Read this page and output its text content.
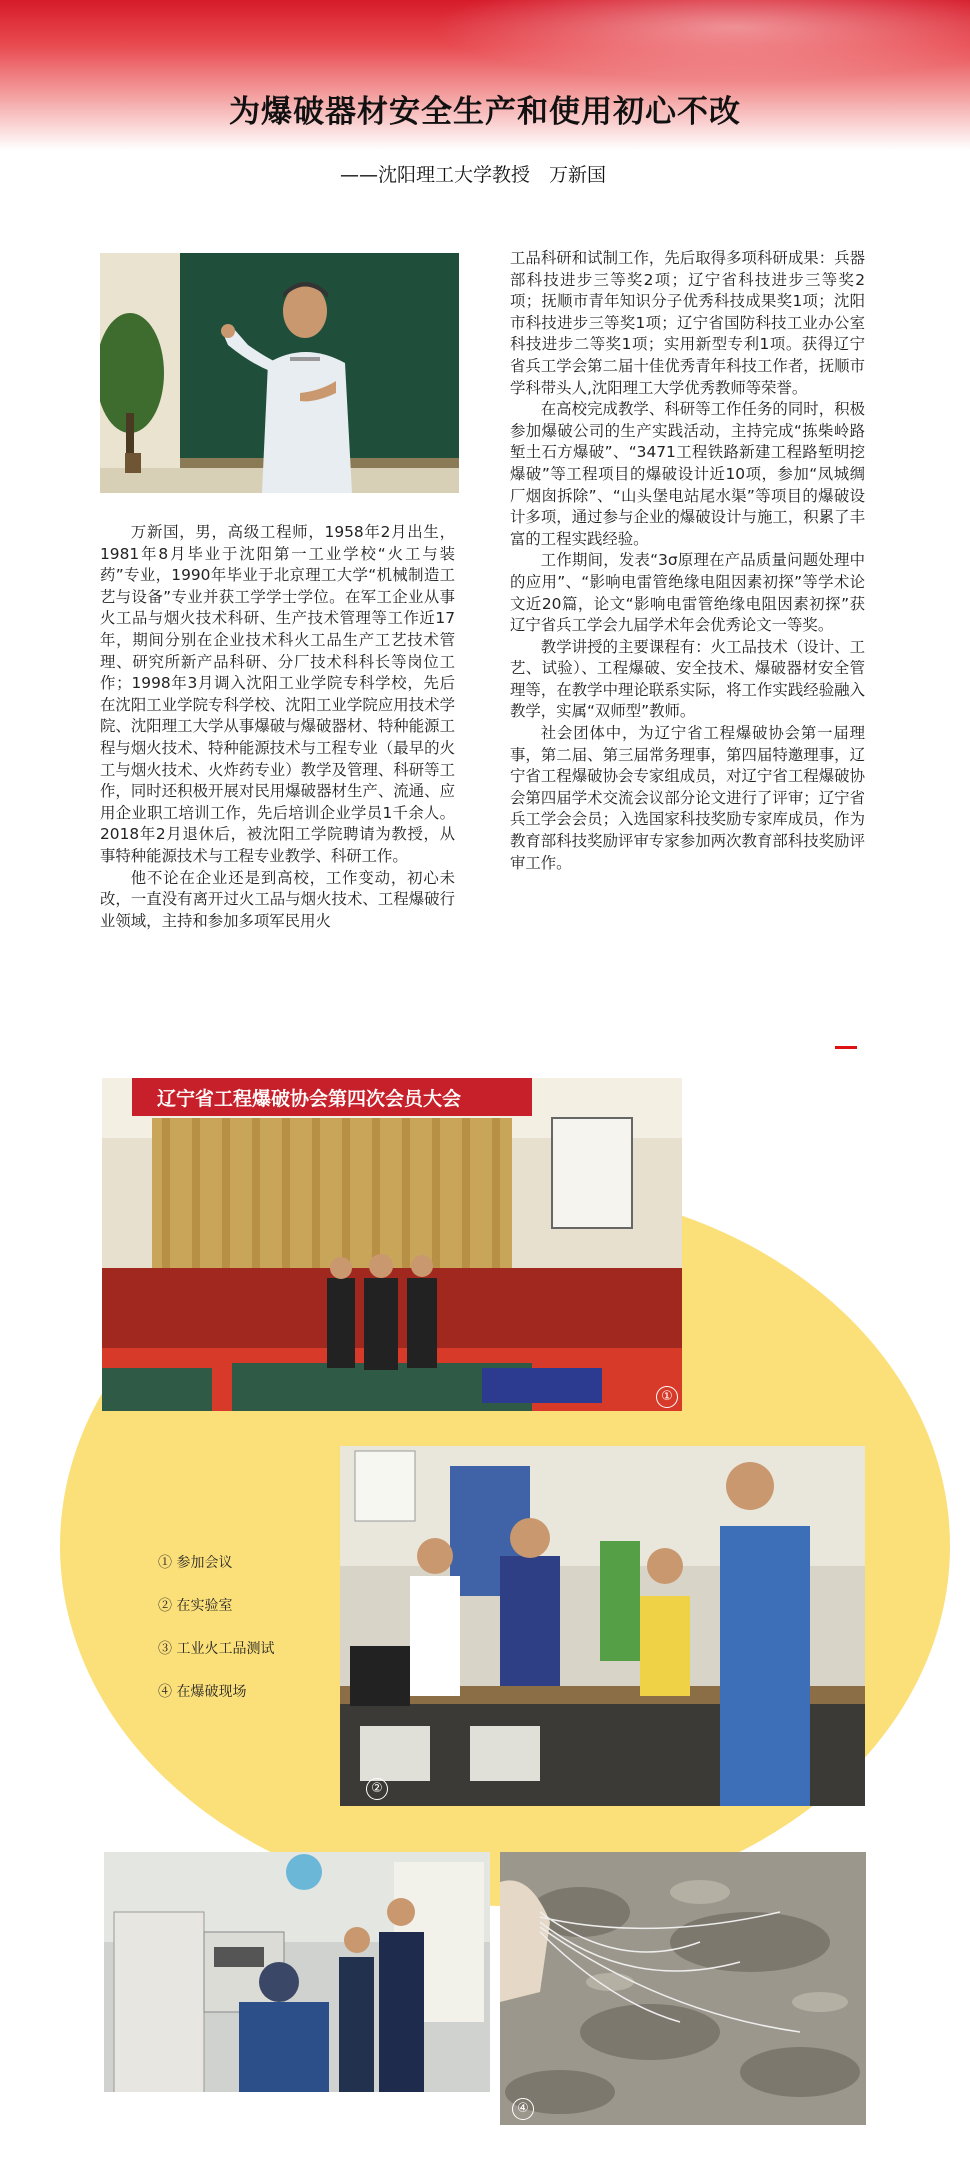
为爆破器材安全生产和使用初心不改
——沈阳理工大学教授　万新国

万新国，男，高级工程师，1958年2月出生，1981年8月毕业于沈阳第一工业学校“火工与装药”专业，1990年毕业于北京理工大学“机械制造工艺与设备”专业并获工学学士学位。在军工企业从事火工品与烟火技术科研、生产技术管理等工作近17年，期间分别在企业技术科火工品生产工艺技术管理、研究所新产品科研、分厂技术科科长等岗位工作；1998年3月调入沈阳工业学院专科学校，先后在沈阳工业学院专科学校、沈阳工业学院应用技术学院、沈阳理工大学从事爆破与爆破器材、特种能源工程与烟火技术、特种能源技术与工程专业（最早的火工与烟火技术、火炸药专业）教学及管理、科研等工作，同时还积极开展对民用爆破器材生产、流通、应用企业职工培训工作，先后培训企业学员1千余人。2018年2月退休后，被沈阳工学院聘请为教授，从事特种能源技术与工程专业教学、科研工作。

他不论在企业还是到高校，工作变动，初心未改，一直没有离开过火工品与烟火技术、工程爆破行业领域，主持和参加多项军民用火

工品科研和试制工作，先后取得多项科研成果：兵器部科技进步三等奖2项；辽宁省科技进步三等奖2项；抚顺市青年知识分子优秀科技成果奖1项；沈阳市科技进步三等奖1项；辽宁省国防科技工业办公室科技进步二等奖1项；实用新型专利1项。获得辽宁省兵工学会第二届十佳优秀青年科技工作者，抚顺市学科带头人,沈阳理工大学优秀教师等荣誉。

在高校完成教学、科研等工作任务的同时，积极参加爆破公司的生产实践活动，主持完成“拣柴岭路堑土石方爆破”、“3471工程铁路新建工程路堑明挖爆破”等工程项目的爆破设计近10项，参加“凤城绸厂烟囱拆除”、“山头堡电站尾水渠”等项目的爆破设计多项，通过参与企业的爆破设计与施工，积累了丰富的工程实践经验。

工作期间，发表“3σ原理在产品质量问题处理中的应用”、“影响电雷管绝缘电阻因素初探”等学术论文近20篇，论文“影响电雷管绝缘电阻因素初探”获辽宁省兵工学会九届学术年会优秀论文一等奖。

教学讲授的主要课程有：火工品技术（设计、工艺、试验）、工程爆破、安全技术、爆破器材安全管理等，在教学中理论联系实际，将工作实践经验融入教学，实属“双师型”教师。

社会团体中，为辽宁省工程爆破协会第一届理事，第二届、第三届常务理事，第四届特邀理事，辽宁省工程爆破协会专家组成员，对辽宁省工程爆破协会第四届学术交流会议部分论文进行了评审；辽宁省兵工学会会员；入选国家科技奖励专家库成员，作为教育部科技奖励评审专家参加两次教育部科技奖励评审工作。

辽宁省工程爆破协会第四次会员大会
①
②
① 参加会议
② 在实验室
③ 工业火工品测试
④ 在爆破现场
③	④
